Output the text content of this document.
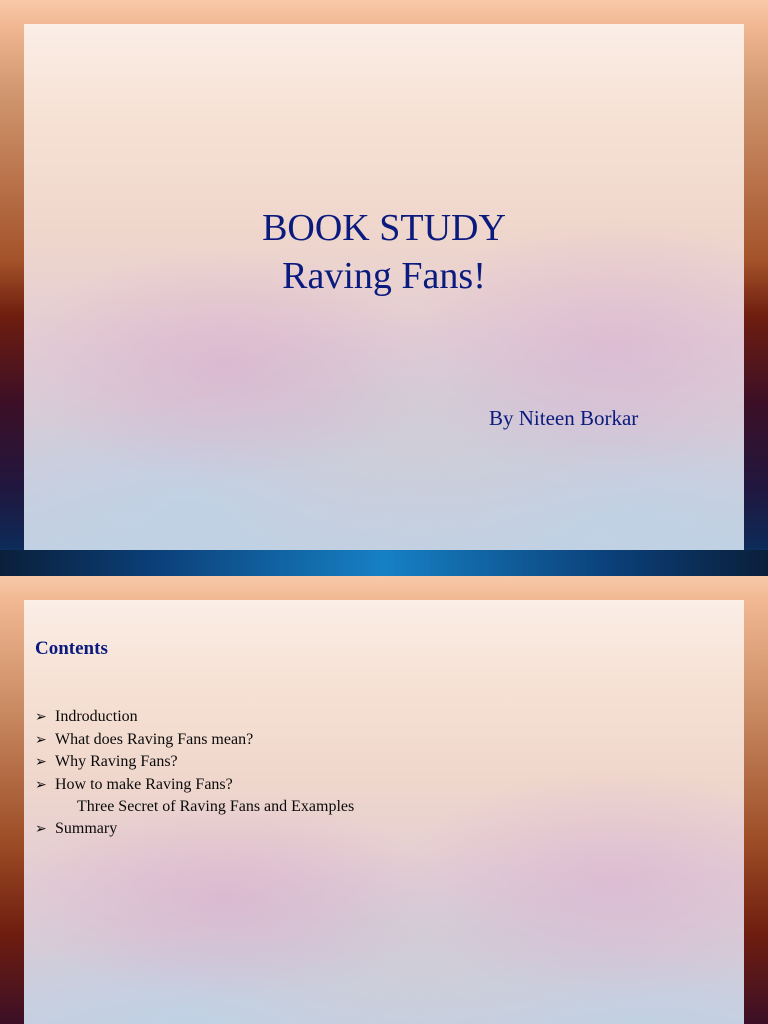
BOOK STUDY
Raving Fans!
By Niteen Borkar
Contents
➢ Indroduction
➢ What does Raving Fans mean?
➢ Why Raving Fans?
➢ How to make Raving Fans?
Three Secret of Raving Fans and Examples
➢ Summary
